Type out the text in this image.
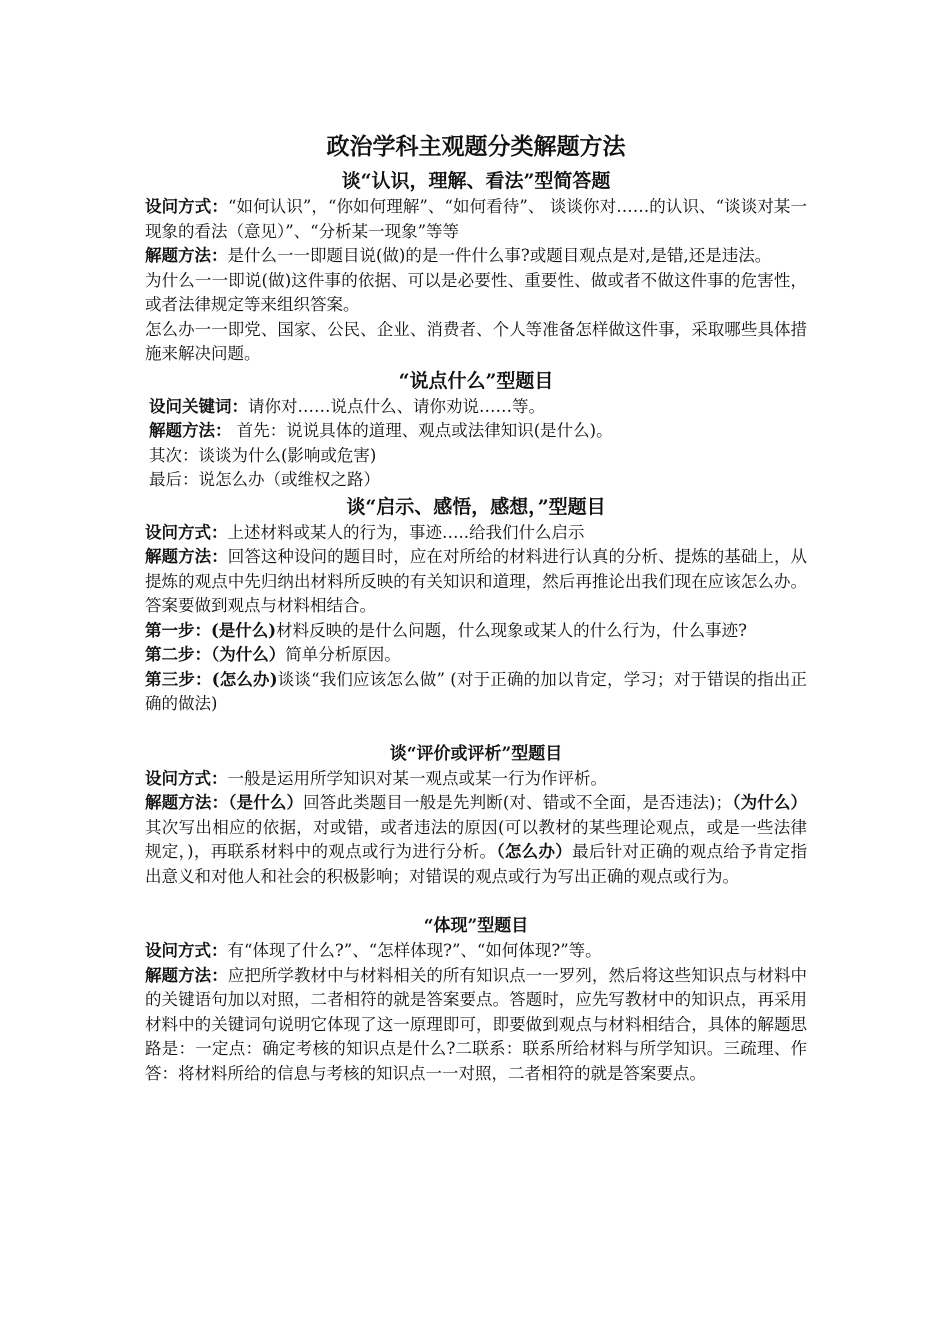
政治学科主观题分类解题方法
谈“认识，理解、看法”型简答题

设问方式：“如何认识”，“你如何理解”、“如何看待”、 谈谈你对……的认识、“谈谈对某一现象的看法（意见）”、“分析某一现象”等等

解题方法：是什么一一即题目说(做)的是一件什么事?或题目观点是对,是错,还是违法。

为什么一一即说(做)这件事的依据、可以是必要性、重要性、做或者不做这件事的危害性，或者法律规定等来组织答案。

怎么办一一即党、国家、公民、企业、消费者、个人等准备怎样做这件事，采取哪些具体措施来解决问题。

“说点什么”型题目

设问关键词：请你对……说点什么、请你劝说……等。

解题方法： 首先：说说具体的道理、观点或法律知识(是什么)。

其次：谈谈为什么(影响或危害)

最后：说怎么办（或维权之路）

谈“启示、感悟，感想，”型题目

设问方式：上述材料或某人的行为，事迹…..给我们什么启示

解题方法：回答这种设问的题目时，应在对所给的材料进行认真的分析、提炼的基础上，从提炼的观点中先归纳出材料所反映的有关知识和道理，然后再推论出我们现在应该怎么办。答案要做到观点与材料相结合。

第一步：(是什么)材料反映的是什么问题，什么现象或某人的什么行为，什么事迹?

第二步：（为什么）简单分析原因。

第三步：(怎么办)谈谈“我们应该怎么做” (对于正确的加以肯定，学习；对于错误的指出正确的做法)

谈“评价或评析”型题目

设问方式：一般是运用所学知识对某一观点或某一行为作评析。

解题方法：（是什么）回答此类题目一般是先判断(对、错或不全面，是否违法)；（为什么）其次写出相应的依据，对或错，或者违法的原因(可以教材的某些理论观点，或是一些法律规定，)，再联系材料中的观点或行为进行分析。（怎么办）最后针对正确的观点给予肯定指出意义和对他人和社会的积极影响；对错误的观点或行为写出正确的观点或行为。

“体现”型题目

设问方式：有“体现了什么?”、“怎样体现?”、“如何体现?”等。

解题方法：应把所学教材中与材料相关的所有知识点一一罗列，然后将这些知识点与材料中的关键语句加以对照，二者相符的就是答案要点。答题时，应先写教材中的知识点，再采用材料中的关键词句说明它体现了这一原理即可，即要做到观点与材料相结合，具体的解题思路是：一定点：确定考核的知识点是什么?二联系：联系所给材料与所学知识。三疏理、作答：将材料所给的信息与考核的知识点一一对照，二者相符的就是答案要点。
